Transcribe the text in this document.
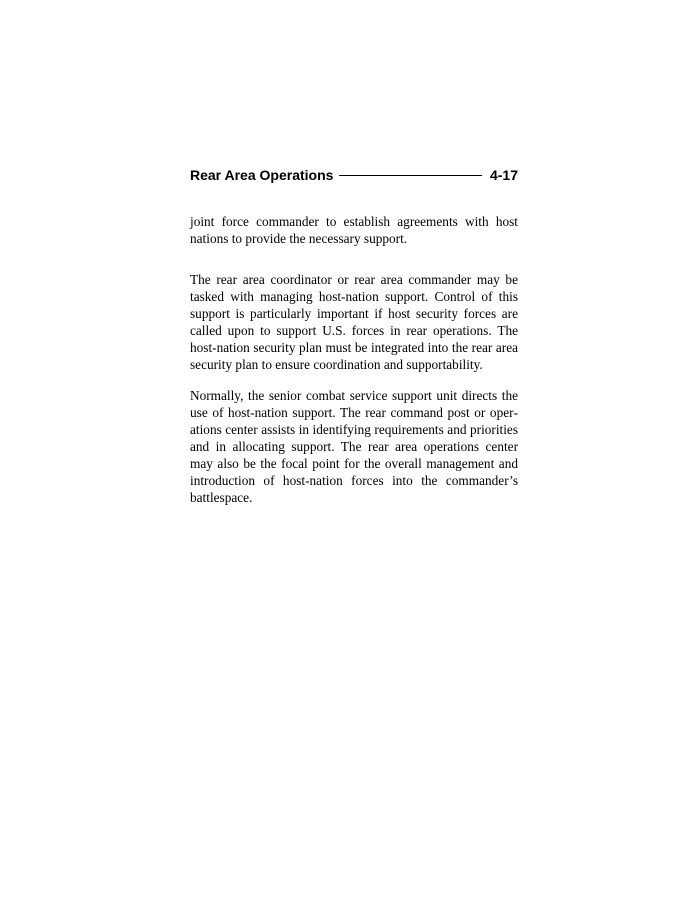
Rear Area Operations	4-17

joint force commander to establish agreements with host nations to provide the necessary support.

The rear area coordinator or rear area commander may be tasked with managing host-nation support. Control of this support is particularly important if host security forces are called upon to support U.S. forces in rear operations. The host-nation security plan must be integrated into the rear area security plan to ensure coordination and supportability.

Normally, the senior combat service support unit directs the use of host-nation support. The rear command post or operations center assists in identifying requirements and priorities and in allocating support. The rear area operations center may also be the focal point for the overall management and introduction of host-nation forces into the commander’s battlespace.
